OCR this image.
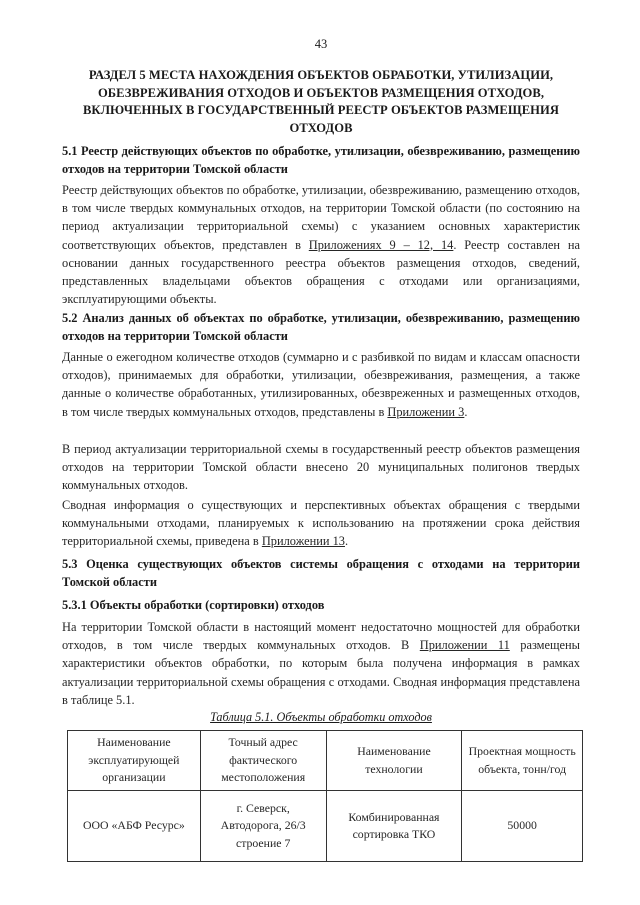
43
РАЗДЕЛ 5 МЕСТА НАХОЖДЕНИЯ ОБЪЕКТОВ ОБРАБОТКИ, УТИЛИЗАЦИИ, ОБЕЗВРЕЖИВАНИЯ ОТХОДОВ И ОБЪЕКТОВ РАЗМЕЩЕНИЯ ОТХОДОВ, ВКЛЮЧЕННЫХ В ГОСУДАРСТВЕННЫЙ РЕЕСТР ОБЪЕКТОВ РАЗМЕЩЕНИЯ ОТХОДОВ
5.1 Реестр действующих объектов по обработке, утилизации, обезвреживанию, размещению отходов на территории Томской области
Реестр действующих объектов по обработке, утилизации, обезвреживанию, размещению отходов, в том числе твердых коммунальных отходов, на территории Томской области (по состоянию на период актуализации территориальной схемы) с указанием основных характеристик соответствующих объектов, представлен в Приложениях 9 – 12, 14. Реестр составлен на основании данных государственного реестра объектов размещения отходов, сведений, представленных владельцами объектов обращения с отходами или организациями, эксплуатирующими объекты.
5.2 Анализ данных об объектах по обработке, утилизации, обезвреживанию, размещению отходов на территории Томской области
Данные о ежегодном количестве отходов (суммарно и с разбивкой по видам и классам опасности отходов), принимаемых для обработки, утилизации, обезвреживания, размещения, а также данные о количестве обработанных, утилизированных, обезвреженных и размещенных отходов, в том числе твердых коммунальных отходов, представлены в Приложении 3.
В период актуализации территориальной схемы в государственный реестр объектов размещения отходов на территории Томской области внесено 20 муниципальных полигонов твердых коммунальных отходов.
Сводная информация о существующих и перспективных объектах обращения с твердыми коммунальными отходами, планируемых к использованию на протяжении срока действия территориальной схемы, приведена в Приложении 13.
5.3 Оценка существующих объектов системы обращения с отходами на территории Томской области
5.3.1 Объекты обработки (сортировки) отходов
На территории Томской области в настоящий момент недостаточно мощностей для обработки отходов, в том числе твердых коммунальных отходов. В Приложении 11 размещены характеристики объектов обработки, по которым была получена информация в рамках актуализации территориальной схемы обращения с отходами. Сводная информация представлена в таблице 5.1.
Таблица 5.1. Объекты обработки отходов
Наименование эксплуатирующей организации	Точный адрес фактического местоположения	Наименование технологии	Проектная мощность объекта, тонн/год
ООО «АБФ Ресурс»	г. Северск, Автодорога, 26/3 строение 7	Комбинированная сортировка ТКО	50000
